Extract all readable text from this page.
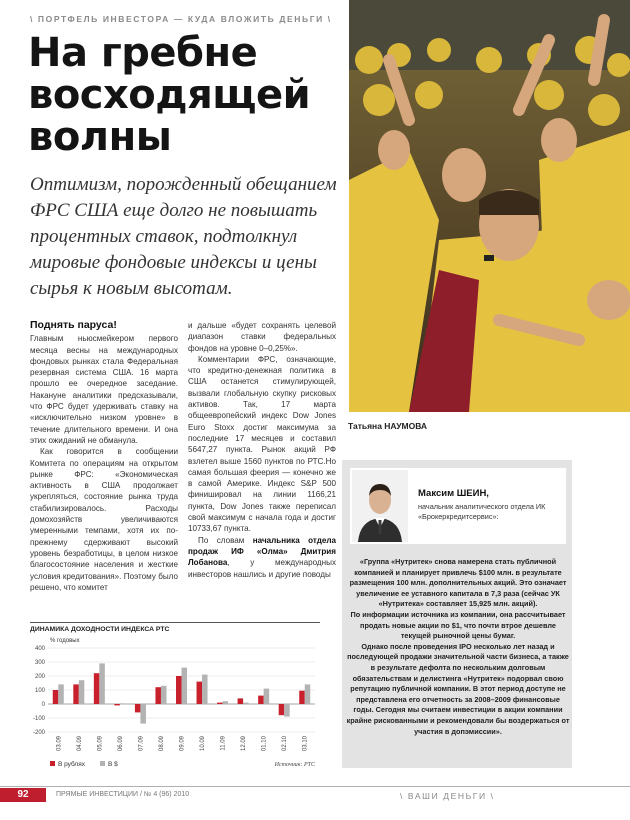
\ ПОРТФЕЛЬ ИНВЕСТОРА — КУДА ВЛОЖИТЬ ДЕНЬГИ \
На гребне
восходящей
волны
Оптимизм, порожденный обещанием ФРС США еще долго не повышать процентных ставок, подтолкнул мировые фондовые индексы и цены сырья к новым высотам.
Татьяна НАУМОВА

Поднять паруса!

Главным ньюсмейкером первого месяца весны на международных фондовых рынках стала Федеральная резервная система США. 16 марта прошло ее очередное заседание. Накануне аналитики предсказывали, что ФРС будет удерживать ставку на «исключительно низком уровне» в течение длительного времени. И она этих ожиданий не обманула.

Как говорится в сообщении Комитета по операциям на открытом рынке ФРС: «Экономическая активность в США продолжает укрепляться, состояние рынка труда стабилизировалось. Расходы домохозяйств увеличиваются умеренными темпами, хотя их по-прежнему сдерживают высокий уровень безработицы, в целом низкое благосостояние населения и жесткие условия кредитования». Поэтому было решено, что комитет

и дальше «будет сохранять целевой диапазон ставки федеральных фондов на уровне 0–0,25%».

Комментарии ФРС, означающие, что кредитно-денежная политика в США останется стимулирующей, вызвали глобальную скупку рисковых активов. Так, 17 марта общеевропейский индекс Dow Jones Euro Stoxx достиг максимума за последние 17 месяцев и составил 5647,27 пункта. Рынок акций РФ взлетел выше 1560 пунктов по РТС.Но самая большая феерия — конечно же в самой Америке. Индекс S&P 500 финишировал на линии 1166,21 пункта, Dow Jones также переписал свой максимум с начала года и достиг 10733,67 пункта.

По словам начальника отдела продаж ИФ «Олма» Дмитрия Лобанова, у международных инвесторов нашлись и другие поводы

Максим ШЕИН,
начальник аналитического отдела ИК «Брокеркредитсервис»:

«Группа «Нутритек» снова намерена стать публичной компанией и планирует привлечь $100 млн. в результате размещения 100 млн. дополнительных акций. Это означает увеличение ее уставного капитала в 7,3 раза (сейчас УК «Нутритека» составляет 15,925 млн. акций).

По информации источника из компании, она рассчитывает продать новые акции по $1, что почти втрое дешевле текущей рыночной цены бумаг.

Однако после проведения IPO несколько лет назад и последующей продажи значительной части бизнеса, а также в результате дефолта по нескольким долговым обязательствам и делистинга «Нутритек» подорвал свою репутацию публичной компании. В этот период доступе не представлена его отчетность за 2008–2009 финансовые годы. Сегодня мы считаем инвестиции в акции компании крайне рискованными и рекомендовали бы воздержаться от участия в допэмиссии».

ДИНАМИКА ДОХОДНОСТИ ИНДЕКСА РТС
% годовых
-200
-100
0
100
200
300
400
03.09 04.09 05.09 06.09 07.09 08.09 09.09 10.09 11.09 12.09 01.10 02.10 03.10
В рублях	В $	Источник: РТС
92	ПРЯМЫЕ ИНВЕСТИЦИИ / № 4 (96) 2010	\ ВАШИ ДЕНЬГИ \
